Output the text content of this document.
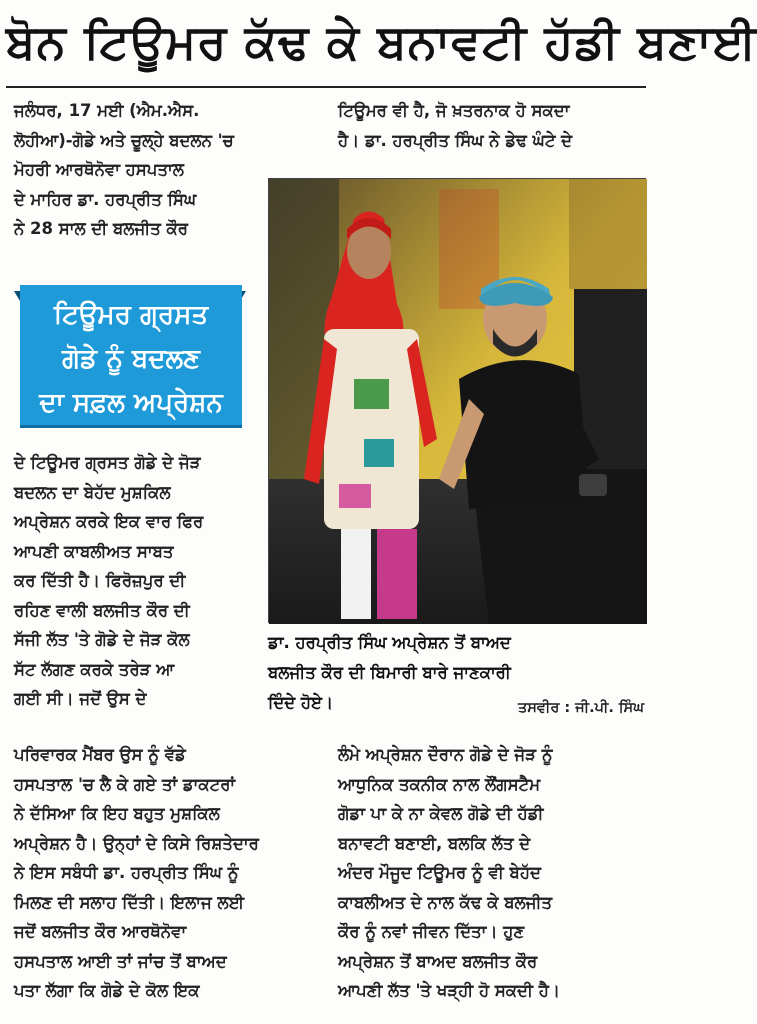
ਬੋਨ ਟਿਊਮਰ ਕੱਢ ਕੇ ਬਨਾਵਟੀ ਹੱਡੀ ਬਣਾਈ
ਜਲੰਧਰ, 17 ਮਈ (ਐਮ.ਐਸ.
ਲੋਹੀਆ)-ਗੋਡੇ ਅਤੇ ਚੂਲ੍ਹੇ ਬਦਲਨ 'ਚ
ਮੋਹਰੀ ਆਰਥੋਨੋਵਾ ਹਸਪਤਾਲ
ਦੇ ਮਾਹਿਰ ਡਾ. ਹਰਪ੍ਰੀਤ ਸਿੰਘ
ਨੇ 28 ਸਾਲ ਦੀ ਬਲਜੀਤ ਕੌਰ
ਟਿਊਮਰ ਗ੍ਰਸਤ
ਗੋਡੇ ਨੂੰ ਬਦਲਣ
ਦਾ ਸਫ਼ਲ ਅਪ੍ਰੇਸ਼ਨ
ਦੇ ਟਿਊਮਰ ਗ੍ਰਸਤ ਗੋਡੇ ਦੇ ਜੋੜ
ਬਦਲਨ ਦਾ ਬੇਹੱਦ ਮੁਸ਼ਕਿਲ
ਅਪ੍ਰੇਸ਼ਨ ਕਰਕੇ ਇਕ ਵਾਰ ਫਿਰ
ਆਪਣੀ ਕਾਬਲੀਅਤ ਸਾਬਤ
ਕਰ ਦਿੱਤੀ ਹੈ। ਫਿਰੋਜ਼ਪੁਰ ਦੀ
ਰਹਿਣ ਵਾਲੀ ਬਲਜੀਤ ਕੌਰ ਦੀ
ਸੱਜੀ ਲੱਤ 'ਤੇ ਗੋਡੇ ਦੇ ਜੋੜ ਕੋਲ
ਸੱਟ ਲੱਗਣ ਕਰਕੇ ਤਰੇੜ ਆ
ਗਈ ਸੀ। ਜਦੋਂ ਉਸ ਦੇ
ਪਰਿਵਾਰਕ ਮੈਂਬਰ ਉਸ ਨੂੰ ਵੱਡੇ
ਹਸਪਤਾਲ 'ਚ ਲੈ ਕੇ ਗਏ ਤਾਂ ਡਾਕਟਰਾਂ
ਨੇ ਦੱਸਿਆ ਕਿ ਇਹ ਬਹੁਤ ਮੁਸ਼ਕਿਲ
ਅਪ੍ਰੇਸ਼ਨ ਹੈ। ਉਨ੍ਹਾਂ ਦੇ ਕਿਸੇ ਰਿਸ਼ਤੇਦਾਰ
ਨੇ ਇਸ ਸਬੰਧੀ ਡਾ. ਹਰਪ੍ਰੀਤ ਸਿੰਘ ਨੂੰ
ਮਿਲਣ ਦੀ ਸਲਾਹ ਦਿੱਤੀ। ਇਲਾਜ ਲਈ
ਜਦੋਂ ਬਲਜੀਤ ਕੌਰ ਆਰਥੋਨੋਵਾ
ਹਸਪਤਾਲ ਆਈ ਤਾਂ ਜਾਂਚ ਤੋਂ ਬਾਅਦ
ਪਤਾ ਲੱਗਾ ਕਿ ਗੋਡੇ ਦੇ ਕੋਲ ਇਕ
ਟਿਊਮਰ ਵੀ ਹੈ, ਜੋ ਖ਼ਤਰਨਾਕ ਹੋ ਸਕਦਾ
ਹੈ। ਡਾ. ਹਰਪ੍ਰੀਤ ਸਿੰਘ ਨੇ ਡੇਢ ਘੰਟੇ ਦੇ
ਡਾ. ਹਰਪ੍ਰੀਤ ਸਿੰਘ ਅਪ੍ਰੇਸ਼ਨ ਤੋਂ ਬਾਅਦ
ਬਲਜੀਤ ਕੌਰ ਦੀ ਬਿਮਾਰੀ ਬਾਰੇ ਜਾਣਕਾਰੀ
ਦਿੰਦੇ ਹੋਏ।	ਤਸਵੀਰ : ਜੀ.ਪੀ. ਸਿੰਘ
ਲੰਮੇ ਅਪ੍ਰੇਸ਼ਨ ਦੌਰਾਨ ਗੋਡੇ ਦੇ ਜੋੜ ਨੂੰ
ਆਧੁਨਿਕ ਤਕਨੀਕ ਨਾਲ ਲੌਂਗਸਟੈਮ
ਗੋਡਾ ਪਾ ਕੇ ਨਾ ਕੇਵਲ ਗੋਡੇ ਦੀ ਹੱਡੀ
ਬਨਾਵਟੀ ਬਣਾਈ, ਬਲਕਿ ਲੱਤ ਦੇ
ਅੰਦਰ ਮੌਜੂਦ ਟਿਊਮਰ ਨੂੰ ਵੀ ਬੇਹੱਦ
ਕਾਬਲੀਅਤ ਦੇ ਨਾਲ ਕੱਢ ਕੇ ਬਲਜੀਤ
ਕੌਰ ਨੂੰ ਨਵਾਂ ਜੀਵਨ ਦਿੱਤਾ। ਹੁਣ
ਅਪ੍ਰੇਸ਼ਨ ਤੋਂ ਬਾਅਦ ਬਲਜੀਤ ਕੌਰ
ਆਪਣੀ ਲੱਤ 'ਤੇ ਖੜ੍ਹੀ ਹੋ ਸਕਦੀ ਹੈ।
